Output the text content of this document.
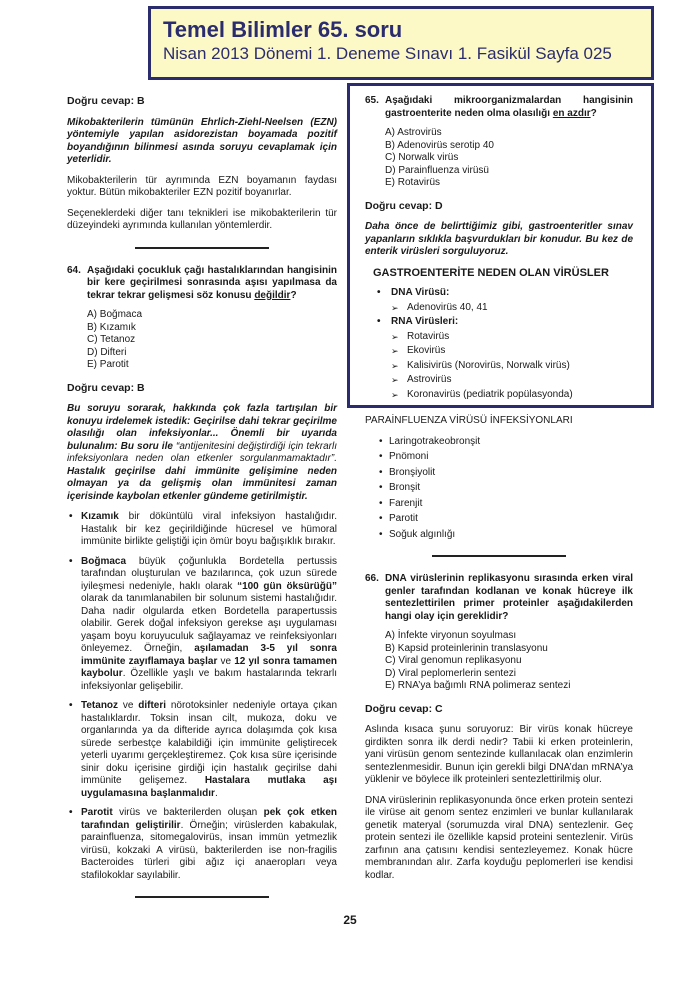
Temel Bilimler 65. soru
Nisan 2013 Dönemi 1. Deneme Sınavı 1. Fasikül Sayfa 025
Doğru cevap: B

Mikobakterilerin tümünün Ehrlich-Ziehl-Neelsen (EZN) yöntemiyle yapılan asidorezistan boyamada pozitif boyandığının bilinmesi asında soruyu cevaplamak için yeterlidir.

Mikobakterilerin tür ayrımında EZN boyamanın faydası yoktur. Bütün mikobakteriler EZN pozitif boyanırlar.

Seçeneklerdeki diğer tanı teknikleri ise mikobakterilerin tür düzeyindeki ayrımında kullanılan yöntemlerdir.

64. Aşağıdaki çocukluk çağı hastalıklarından hangisinin bir kere geçirilmesi sonrasında aşısı yapılmasa da tekrar tekrar gelişmesi söz konusu değildir?
A) Boğmaca
B) Kızamık
C) Tetanoz
D) Difteri
E) Parotit
Doğru cevap: B

Bu soruyu sorarak, hakkında çok fazla tartışılan bir konuyu irdelemek istedik: Geçirilse dahi tekrar geçirilme olasılığı olan infeksiyonlar... Önemli bir uyarıda bulunalım: Bu soru ile “antijenitesini değiştirdiği için tekrarlı infeksiyonlara neden olan etkenler sorgulanmamaktadır”. Hastalık geçirilse dahi immünite gelişimine neden olmayan ya da gelişmiş olan immünitesi zaman içerisinde kaybolan etkenler gündeme getirilmiştir.

• Kızamık bir döküntülü viral infeksiyon hastalığıdır. Hastalık bir kez geçirildiğinde hücresel ve hümoral immünite birlikte geliştiği için ömür boyu bağışıklık bırakır.
• Boğmaca büyük çoğunlukla Bordetella pertussis tarafından oluşturulan ve bazılarınca, çok uzun sürede iyileşmesi nedeniyle, haklı olarak “100 gün öksürüğü” olarak da tanımlanabilen bir solunum sistemi hastalığıdır. Daha nadir olgularda etken Bordetella parapertussis olabilir. Gerek doğal infeksiyon gerekse aşı uygulaması yaşam boyu koruyuculuk sağlayamaz ve reinfeksiyonları önleyemez. Örneğin, aşılamadan 3-5 yıl sonra immünite zayıflamaya başlar ve 12 yıl sonra tamamen kaybolur. Özellikle yaşlı ve bakım hastalarında tekrarlı infeksiyonlar gelişebilir.
• Tetanoz ve difteri nörotoksinler nedeniyle ortaya çıkan hastalıklardır. Toksin insan cilt, mukoza, doku ve organlarında ya da difteride ayrıca dolaşımda çok kısa sürede serbestçe kalabildiği için immünite geliştirecek yeterli uyarımı gerçekleştiremez. Çok kısa süre içerisinde sinir doku içerisine girdiği için hastalık geçirilse dahi immünite gelişemez. Hastalara mutlaka aşı uygulamasına başlanmalıdır.
• Parotit virüs ve bakterilerden oluşan pek çok etken tarafından geliştirilir. Örneğin; virüslerden kabakulak, parainfluenza, sitomegalovirüs, insan immün yetmezlik virüsü, kokzaki A virüsü, bakterilerden ise non-fragilis Bacteroides türleri gibi ağız içi anaeropları veya stafilokoklar sayılabilir.
65. Aşağıdaki mikroorganizmalardan hangisinin gastroenterite neden olma olasılığı en azdır?
A) Astrovirüs
B) Adenovirüs serotip 40
C) Norwalk virüs
D) Parainfluenza virüsü
E) Rotavirüs
Doğru cevap: D

Daha önce de belirttiğimiz gibi, gastroenteritler sınav yapanların sıklıkla başvurdukları bir konudur. Bu kez de enterik virüsleri sorguluyoruz.

GASTROENTERİTE NEDEN OLAN VİRÜSLER
• DNA Virüsü:
➢ Adenovirüs 40, 41
• RNA Virüsleri:
➢ Rotavirüs
➢ Ekovirüs
➢ Kalisivirüs (Norovirüs, Norwalk virüs)
➢ Astrovirüs
➢ Koronavirüs (pediatrik popülasyonda)
PARAİNFLUENZA VİRÜSÜ İNFEKSİYONLARI
• Laringotrakeobronşit
• Pnömoni
• Bronşiyolit
• Bronşit
• Farenjit
• Parotit
• Soğuk algınlığı
66. DNA virüslerinin replikasyonu sırasında erken viral genler tarafından kodlanan ve konak hücreye ilk sentezlettirilen primer proteinler aşağıdakilerden hangi olay için gereklidir?
A) İnfekte viryonun soyulması
B) Kapsid proteinlerinin translasyonu
C) Viral genomun replikasyonu
D) Viral peplomerlerin sentezi
E) RNA’ya bağımlı RNA polimeraz sentezi
Doğru cevap: C

Aslında kısaca şunu soruyoruz: Bir virüs konak hücreye girdikten sonra ilk derdi nedir? Tabii ki erken proteinlerin, yani virüsün genom sentezinde kullanılacak olan enzimlerin sentezlenmesidir. Bunun için gerekli bilgi DNA’dan mRNA’ya yüklenir ve böylece ilk proteinleri sentezlettirilmiş olur.

DNA virüslerinin replikasyonunda önce erken protein sentezi ile virüse ait genom sentez enzimleri ve bunlar kullanılarak genetik materyal (sorumuzda viral DNA) sentezlenir. Geç protein sentezi ile özellikle kapsid proteini sentezlenir. Virüs zarfının ana çatısını kendisi sentezleyemez. Konak hücre membranından alır. Zarfa koyduğu peplomerleri ise kendisi kodlar.

25
